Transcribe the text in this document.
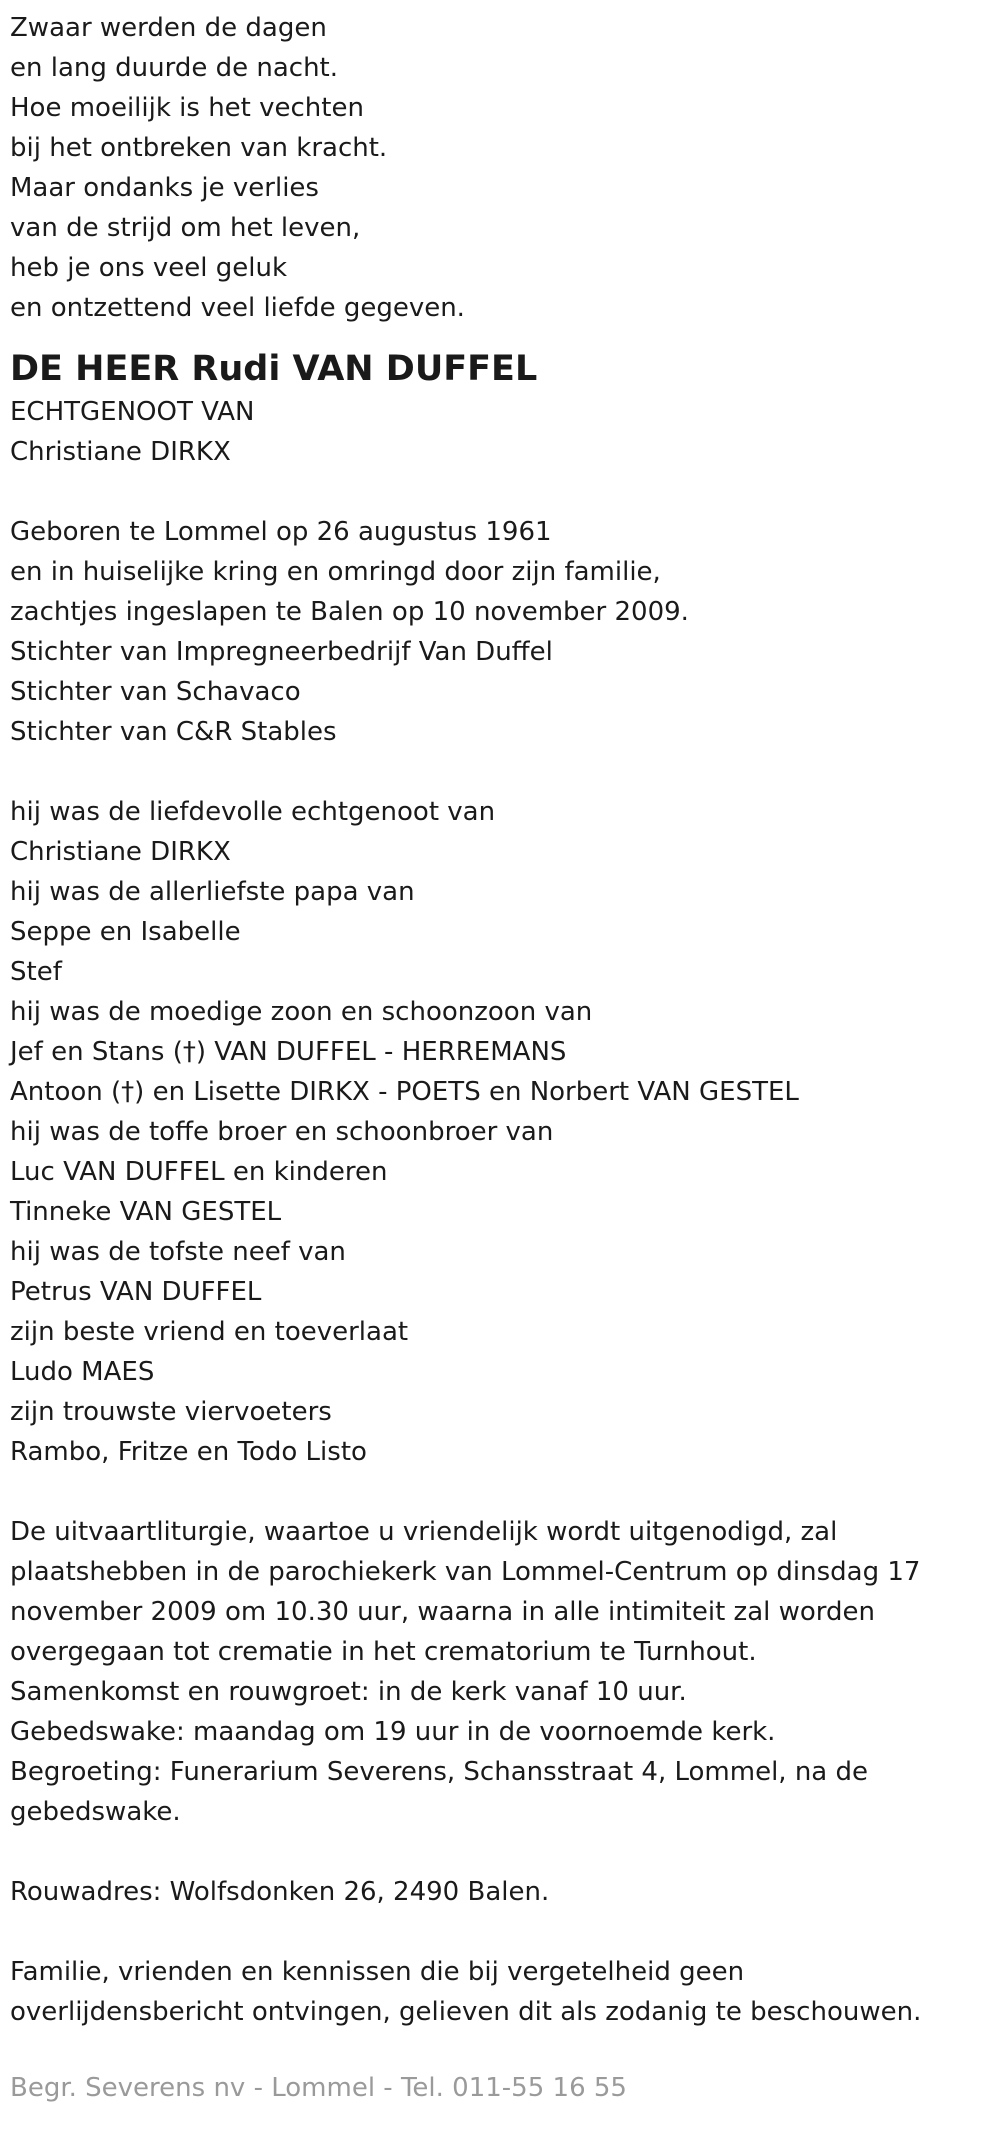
Zwaar werden de dagen
en lang duurde de nacht.
Hoe moeilijk is het vechten
bij het ontbreken van kracht.
Maar ondanks je verlies
van de strijd om het leven,
heb je ons veel geluk
en ontzettend veel liefde gegeven.
DE HEER Rudi VAN DUFFEL
ECHTGENOOT VAN
Christiane DIRKX
Geboren te Lommel op 26 augustus 1961
en in huiselijke kring en omringd door zijn familie,
zachtjes ingeslapen te Balen op 10 november 2009.
Stichter van Impregneerbedrijf Van Duffel
Stichter van Schavaco
Stichter van C&R Stables
hij was de liefdevolle echtgenoot van
Christiane DIRKX
hij was de allerliefste papa van
Seppe en Isabelle
Stef
hij was de moedige zoon en schoonzoon van
Jef en Stans (†) VAN DUFFEL - HERREMANS
Antoon (†) en Lisette DIRKX - POETS en Norbert VAN GESTEL
hij was de toffe broer en schoonbroer van
Luc VAN DUFFEL en kinderen
Tinneke VAN GESTEL
hij was de tofste neef van
Petrus VAN DUFFEL
zijn beste vriend en toeverlaat
Ludo MAES
zijn trouwste viervoeters
Rambo, Fritze en Todo Listo
De uitvaartliturgie, waartoe u vriendelijk wordt uitgenodigd, zal
plaatshebben in de parochiekerk van Lommel-Centrum op dinsdag 17
november 2009 om 10.30 uur, waarna in alle intimiteit zal worden
overgegaan tot crematie in het crematorium te Turnhout.
Samenkomst en rouwgroet: in de kerk vanaf 10 uur.
Gebedswake: maandag om 19 uur in de voornoemde kerk.
Begroeting: Funerarium Severens, Schansstraat 4, Lommel, na de
gebedswake.
Rouwadres: Wolfsdonken 26, 2490 Balen.
Familie, vrienden en kennissen die bij vergetelheid geen
overlijdensbericht ontvingen, gelieven dit als zodanig te beschouwen.
Begr. Severens nv - Lommel - Tel. 011-55 16 55
